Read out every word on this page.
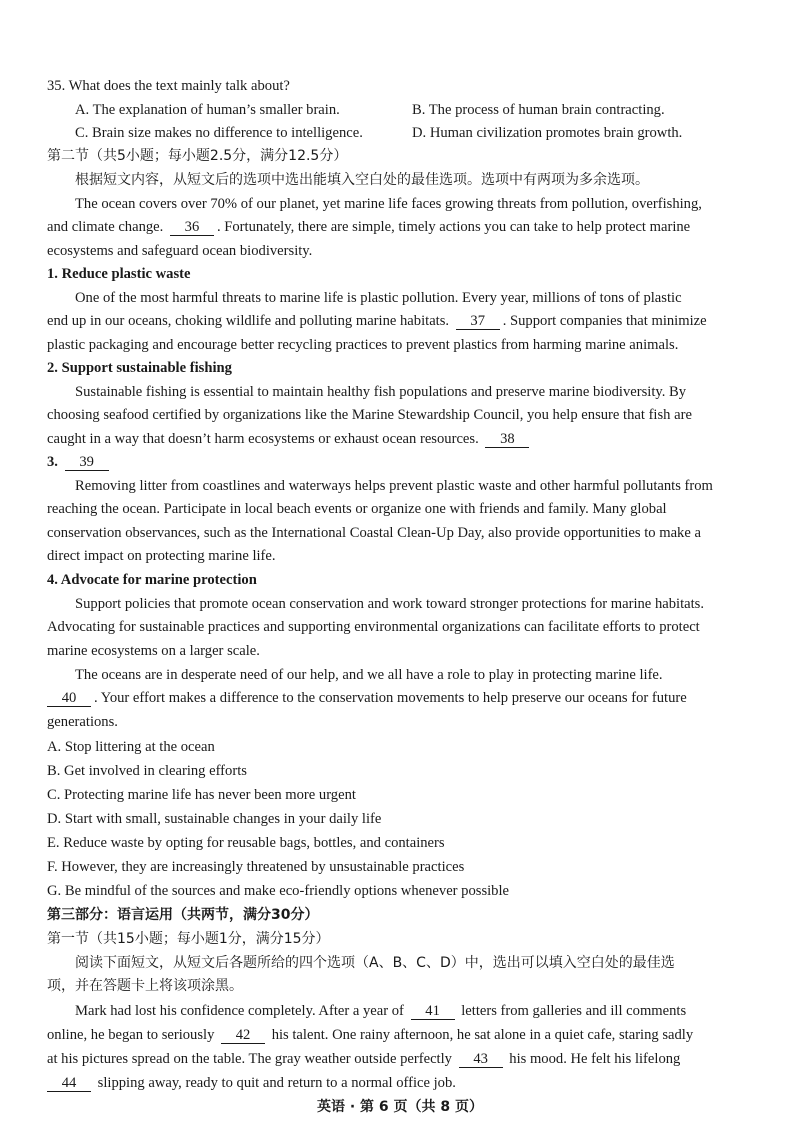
35. What does the text mainly talk about?
A. The explanation of human’s smaller brain.	B. The process of human brain contracting.
C. Brain size makes no difference to intelligence.	D. Human civilization promotes brain growth.
第二节（共5小题；每小题2.5分，满分12.5分）
根据短文内容，从短文后的选项中选出能填入空白处的最佳选项。选项中有两项为多余选项。
The ocean covers over 70% of our planet, yet marine life faces growing threats from pollution, overfishing,
and climate change. 36 . Fortunately, there are simple, timely actions you can take to help protect marine
ecosystems and safeguard ocean biodiversity.
1. Reduce plastic waste
One of the most harmful threats to marine life is plastic pollution. Every year, millions of tons of plastic
end up in our oceans, choking wildlife and polluting marine habitats. 37 . Support companies that minimize
plastic packaging and encourage better recycling practices to prevent plastics from harming marine animals.
2. Support sustainable fishing
Sustainable fishing is essential to maintain healthy fish populations and preserve marine biodiversity. By
choosing seafood certified by organizations like the Marine Stewardship Council, you help ensure that fish are
caught in a way that doesn’t harm ecosystems or exhaust ocean resources. 38
3. 39
Removing litter from coastlines and waterways helps prevent plastic waste and other harmful pollutants from
reaching the ocean. Participate in local beach events or organize one with friends and family. Many global
conservation observances, such as the International Coastal Clean-Up Day, also provide opportunities to make a
direct impact on protecting marine life.
4. Advocate for marine protection
Support policies that promote ocean conservation and work toward stronger protections for marine habitats.
Advocating for sustainable practices and supporting environmental organizations can facilitate efforts to protect
marine ecosystems on a larger scale.
The oceans are in desperate need of our help, and we all have a role to play in protecting marine life.
40 . Your effort makes a difference to the conservation movements to help preserve our oceans for future
generations.
A. Stop littering at the ocean
B. Get involved in clearing efforts
C. Protecting marine life has never been more urgent
D. Start with small, sustainable changes in your daily life
E. Reduce waste by opting for reusable bags, bottles, and containers
F. However, they are increasingly threatened by unsustainable practices
G. Be mindful of the sources and make eco-friendly options whenever possible
第三部分：语言运用（共两节，满分30分）
第一节（共15小题；每小题1分，满分15分）
阅读下面短文，从短文后各题所给的四个选项（A、B、C、D）中，选出可以填入空白处的最佳选
项，并在答题卡上将该项涂黑。
Mark had lost his confidence completely. After a year of 41 letters from galleries and ill comments
online, he began to seriously 42 his talent. One rainy afternoon, he sat alone in a quiet cafe, staring sadly
at his pictures spread on the table. The gray weather outside perfectly 43 his mood. He felt his lifelong
44 slipping away, ready to quit and return to a normal office job.
英语 · 第 6 页（共 8 页）
